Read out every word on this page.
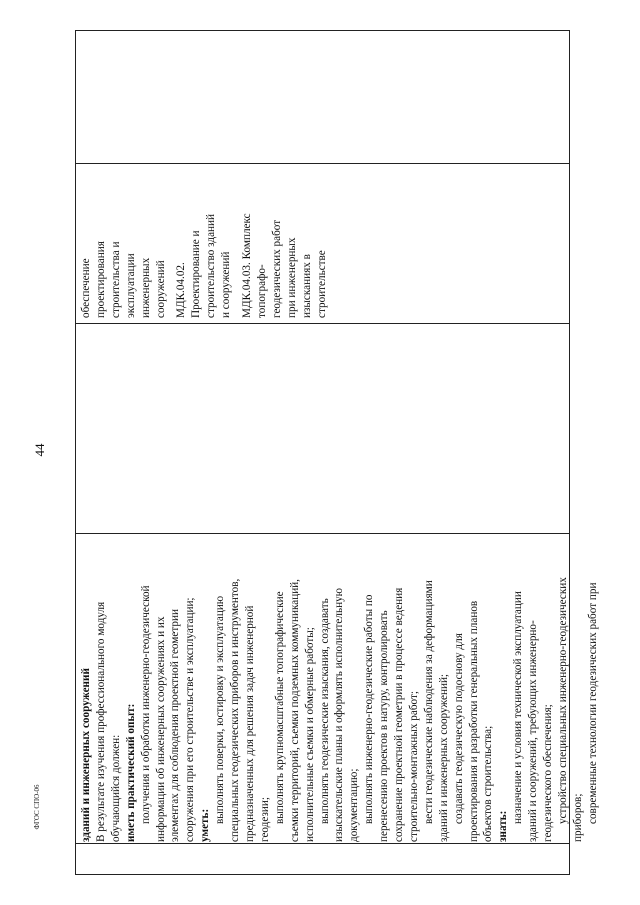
44
зданий и инженерных сооружений В результате изучения профессионального модуля обучающийся должен: иметь практический опыт: получения и обработки инженерно-геодезической информации об инженерных сооружениях и их элементах для соблюдения проектной геометрии сооружения при его строительстве и эксплуатации; уметь:
выполнять поверки, юстировку и эксплуатацию специальных геодезических приборов и инструментов, предназначенных для решения задач инженерной геодезии; выполнять крупномасштабные топографические съемки территорий, съемки подземных коммуникаций, исполнительные съемки и обмерные работы; выполнять геодезические изыскания, создавать изыскательские планы и оформлять исполнительную документацию; выполнять инженерно-геодезические работы по перенесению проектов в натуру, контролировать сохранение проектной геометрии в процессе ведения строительно-монтажных работ; вести геодезические наблюдения за деформациями зданий и инженерных сооружений; создавать геодезическую подоснову для проектирования и разработки генеральных планов объектов строительства; знать:
назначение и условия технической эксплуатации зданий и сооружений, требующих инженерно- геодезического обеспечения; устройство специальных инженерно-геодезических приборов; современные технологии геодезических работ при
обеспечение проектирования строительства и эксплуатации инженерных сооружений МДК.04.02. Проектирование и строительство зданий и сооружений МДК.04.03. Комплекс топографо- геодезических работ при инженерных изысканиях в строительстве
ФГОС СПО-06
